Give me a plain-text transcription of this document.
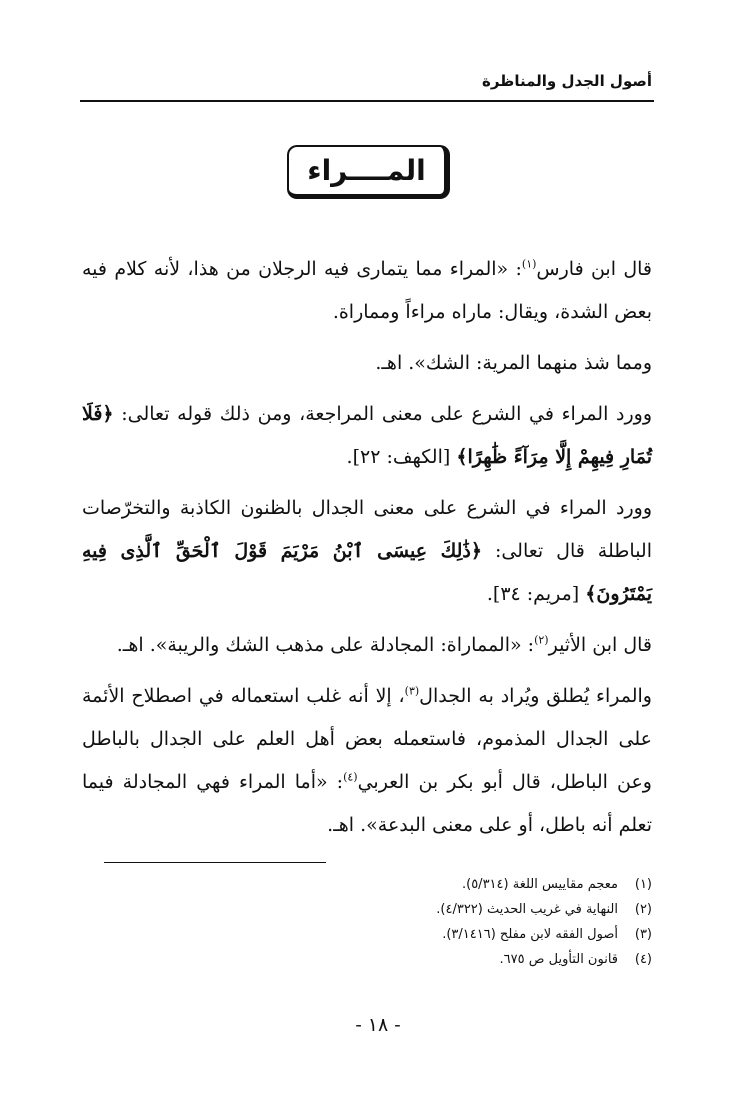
أصول الجدل والمناظرة
المــــراء

قال ابن فارس$^{(١)}$: «المراء مما يتمارى فيه الرجلان من هذا، لأنه كلام فيه بعض الشدة، ويقال: ماراه مراءاً ومماراة.

ومما شذ منهما المرية: الشك». اهـ.

وورد المراء في الشرع على معنى المراجعة، ومن ذلك قوله تعالى: ﴿فَلَا تُمَارِ فِيهِمْ إِلَّا مِرَآءً ظَٰهِرًا﴾ [الكهف: ٢٢].

وورد المراء في الشرع على معنى الجدال بالظنون الكاذبة والتخرّصات الباطلة قال تعالى: ﴿ذَٰلِكَ عِيسَى ٱبْنُ مَرْيَمَ قَوْلَ ٱلْحَقِّ ٱلَّذِى فِيهِ يَمْتَرُونَ﴾ [مريم: ٣٤].

قال ابن الأثير$^{(٢)}$: «المماراة: المجادلة على مذهب الشك والريبة». اهـ.

والمراء يُطلق ويُراد به الجدال$^{(٣)}$، إلا أنه غلب استعماله في اصطلاح الأئمة على الجدال المذموم، فاستعمله بعض أهل العلم على الجدال بالباطل وعن الباطل، قال أبو بكر بن العربي$^{(٤)}$: «أما المراء فهي المجادلة فيما تعلم أنه باطل، أو على معنى البدعة». اهـ.

(١)
معجم مقاييس اللغة (٥/٣١٤).
(٢)
النهاية في غريب الحديث (٤/٣٢٢).
(٣)
أصول الفقه لابن مفلح (٣/١٤١٦).
(٤)
قانون التأويل ص ٦٧٥.
- ١٨ -
